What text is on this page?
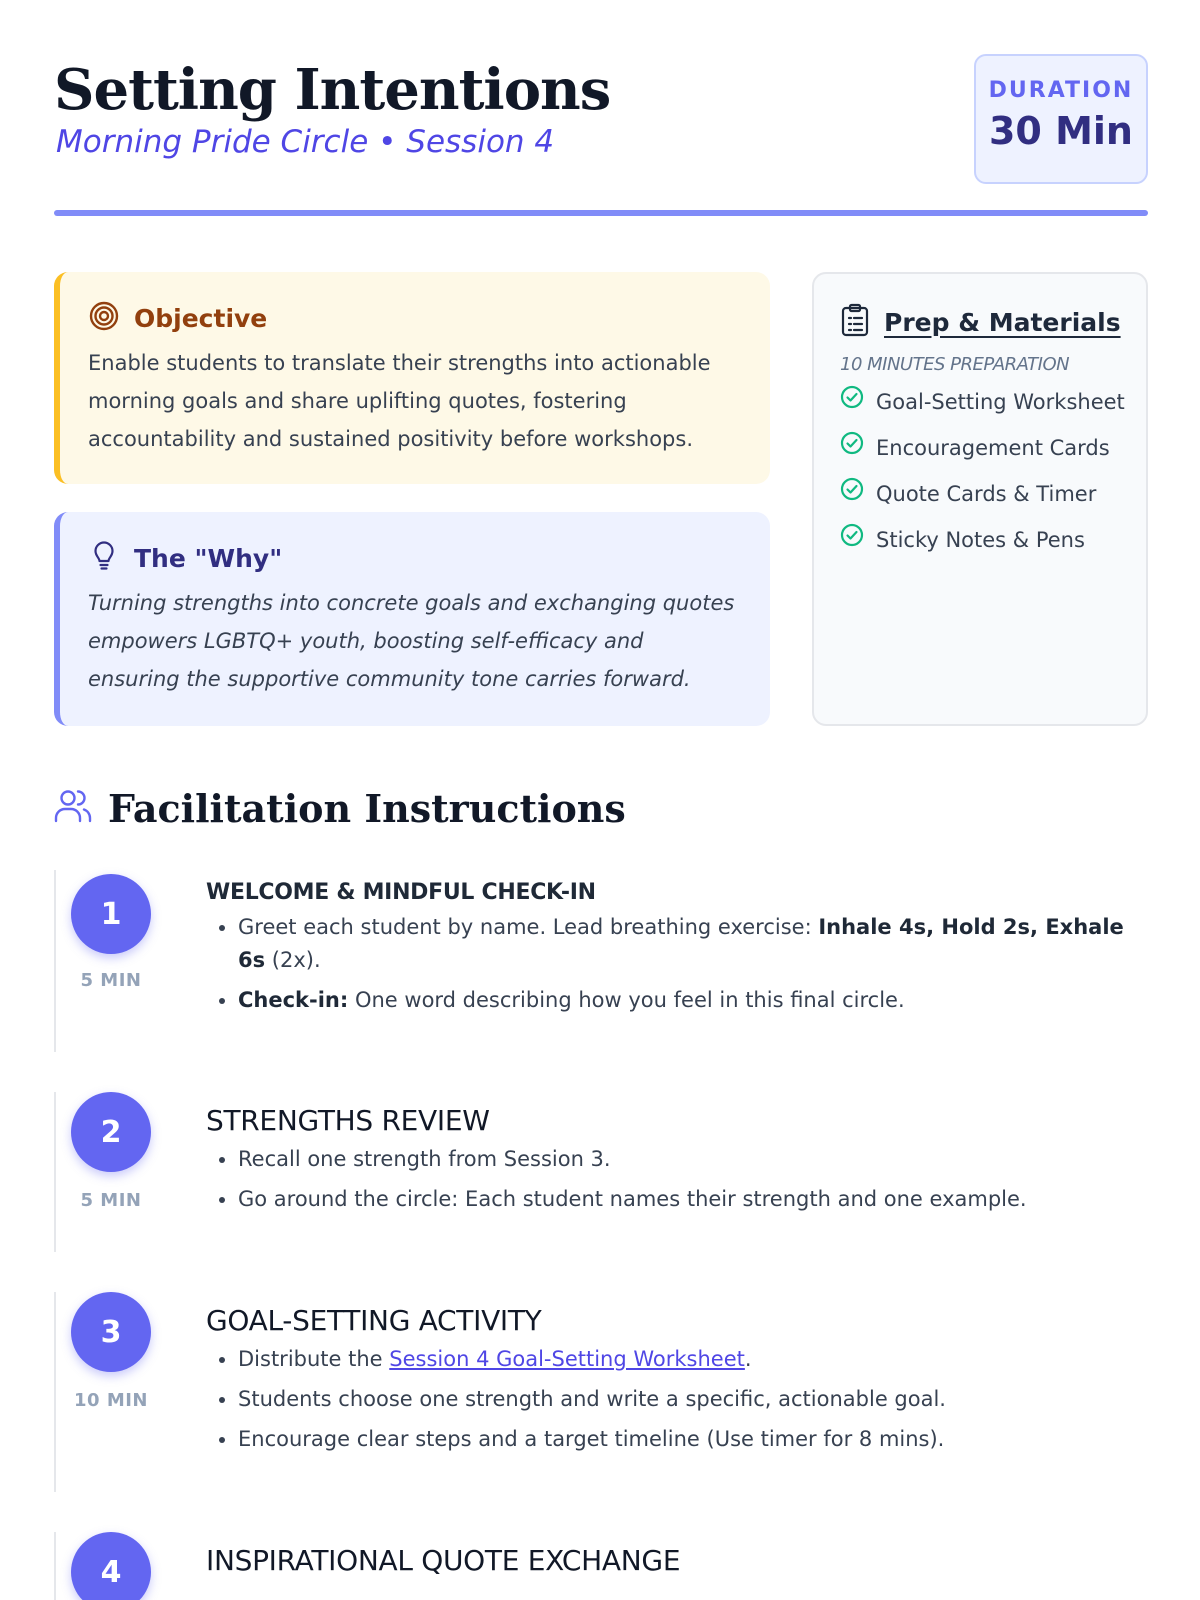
Setting Intentions
Morning Pride Circle • Session 4
DURATION
30 Min
Objective

Enable students to translate their strengths into actionable morning goals and share uplifting quotes, fostering accountability and sustained positivity before workshops.

The "Why"

Turning strengths into concrete goals and exchanging quotes empowers LGBTQ+ youth, boosting self-efficacy and ensuring the supportive community tone carries forward.

Prep & Materials
10 MINUTES PREPARATION
Goal-Setting Worksheet
Encouragement Cards
Quote Cards & Timer
Sticky Notes & Pens
Facilitation Instructions
1
5 MIN
WELCOME & MINDFUL CHECK-IN
• Greet each student by name. Lead breathing exercise: Inhale 4s, Hold 2s, Exhale 6s (2x).
• Check-in: One word describing how you feel in this final circle.
2
5 MIN
STRENGTHS REVIEW
• Recall one strength from Session 3.
• Go around the circle: Each student names their strength and one example.
3
10 MIN
GOAL-SETTING ACTIVITY
• Distribute the Session 4 Goal-Setting Worksheet.
• Students choose one strength and write a specific, actionable goal.
• Encourage clear steps and a target timeline (Use timer for 8 mins).
4	INSPIRATIONAL QUOTE EXCHANGE
